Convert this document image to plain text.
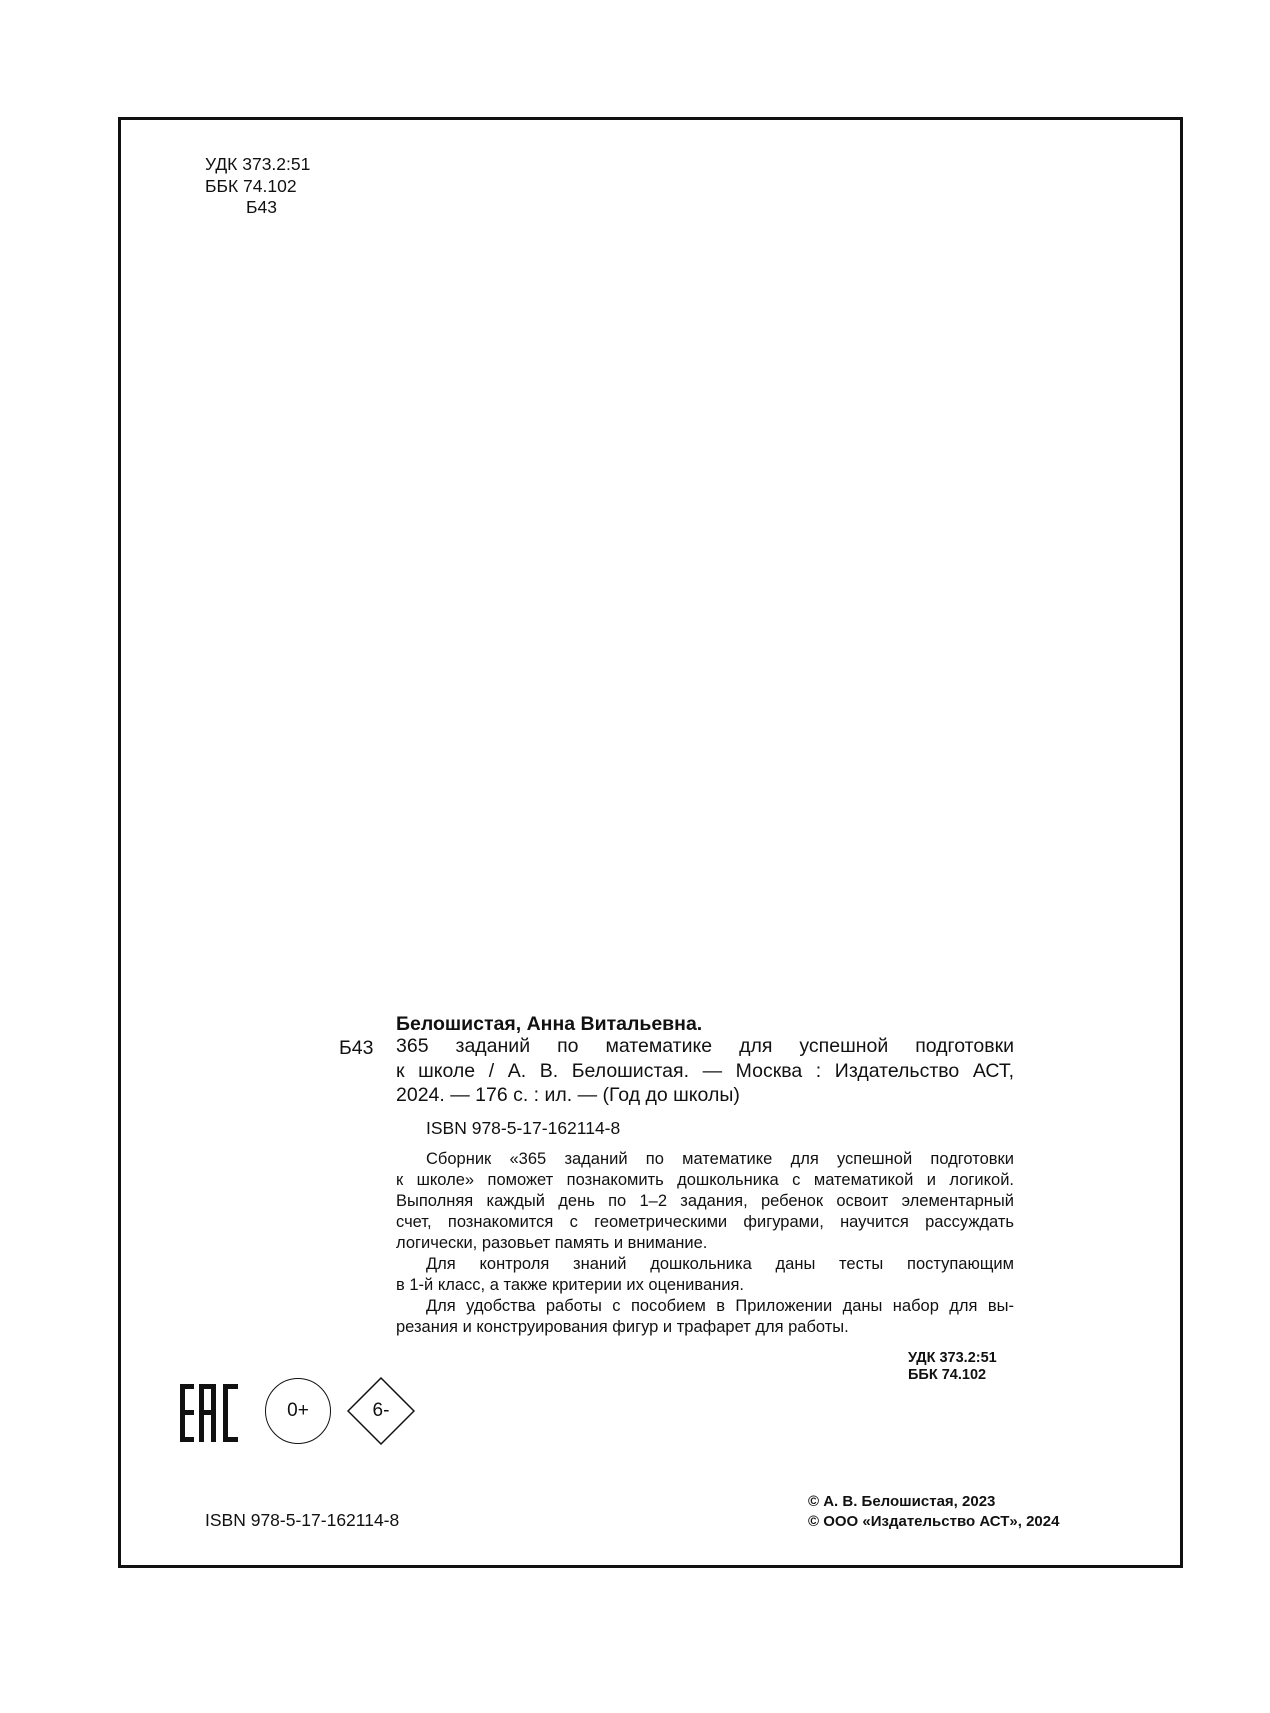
УДК 373.2:51
ББК 74.102
Б43
Белошистая, Анна Витальевна.
Б43 365 заданий по математике для успешной подготовки
к школе / А. В. Белошистая. — Москва : Издательство АСТ,
2024. — 176 с. : ил. — (Год до школы)
ISBN 978-5-17-162114-8
Сборник «365 заданий по математике для успешной подготовки
к школе» поможет познакомить дошкольника с математикой и логикой.
Выполняя каждый день по 1–2 задания, ребенок освоит элементарный
счет, познакомится с геометрическими фигурами, научится рассуждать
логически, разовьет память и внимание.
Для контроля знаний дошкольника даны тесты поступающим
в 1-й класс, а также критерии их оценивания.
Для удобства работы с пособием в Приложении даны набор для вы-
резания и конструирования фигур и трафарет для работы.
УДК 373.2:51
ББК 74.102
0+	6-
ISBN 978-5-17-162114-8
© А. В. Белошистая, 2023
© ООО «Издательство АСТ», 2024
